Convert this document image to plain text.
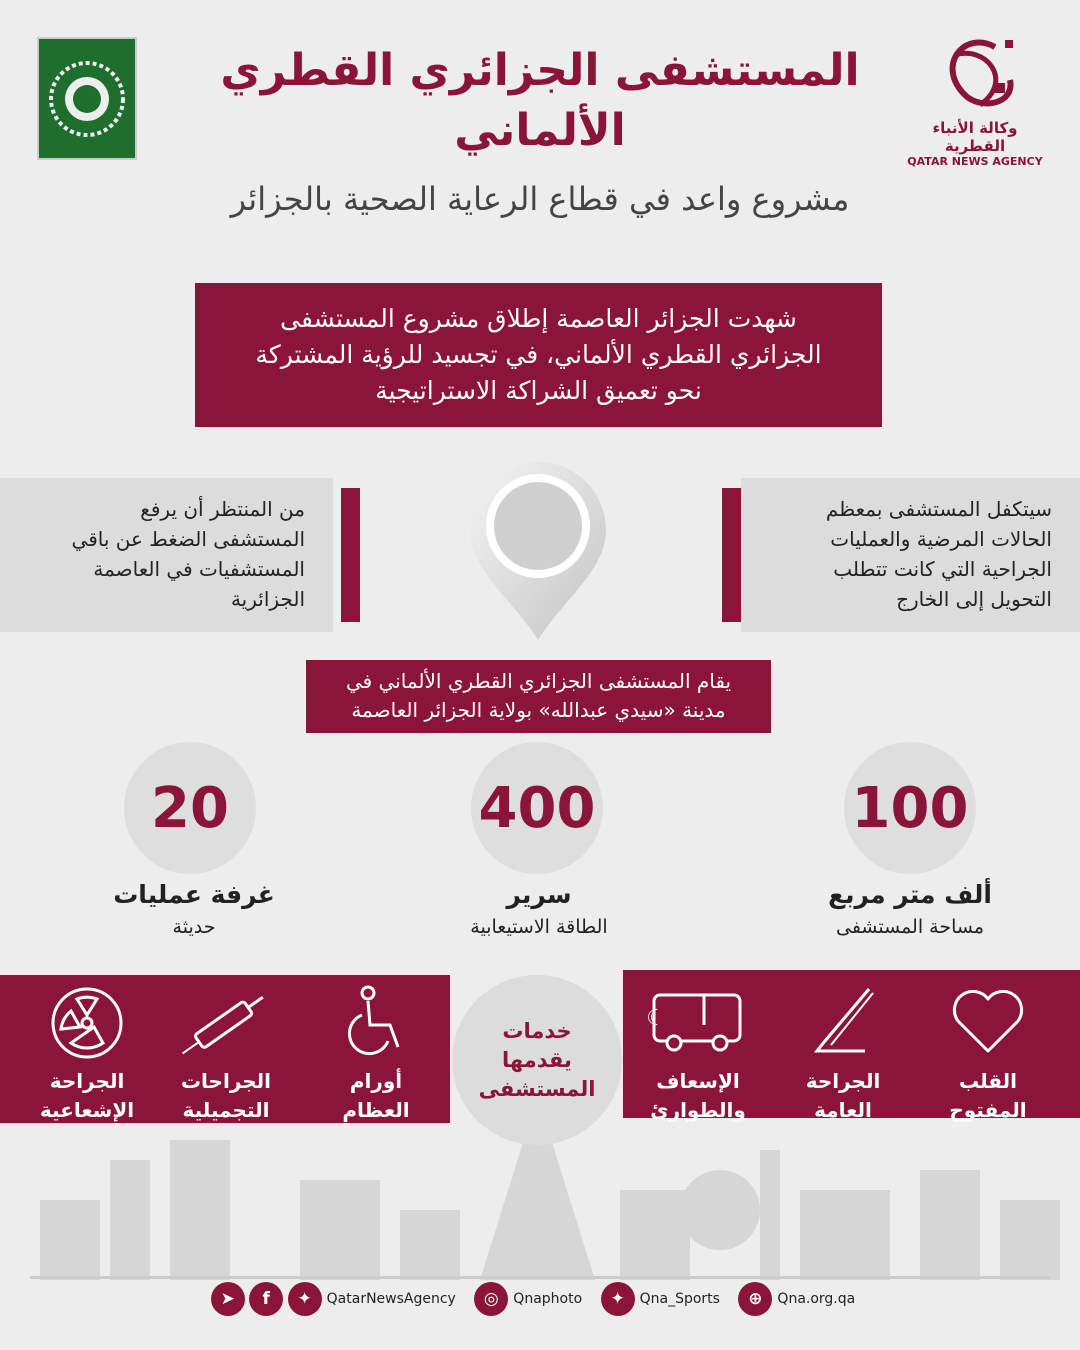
وكالة الأنباء القطرية
QATAR NEWS AGENCY
المستشفى الجزائري القطري
الألماني
مشروع واعد في قطاع الرعاية الصحية بالجزائر
شهدت الجزائر العاصمة إطلاق مشروع المستشفى
الجزائري القطري الألماني، في تجسيد للرؤية المشتركة
نحو تعميق الشراكة الاستراتيجية
من المنتظر أن يرفع
المستشفى الضغط عن باقي
المستشفيات في العاصمة
الجزائرية
سيتكفل المستشفى بمعظم
الحالات المرضية والعمليات
الجراحية التي كانت تتطلب
التحويل إلى الخارج
يقام المستشفى الجزائري القطري الألماني في
مدينة «سيدي عبدالله» بولاية الجزائر العاصمة
20
غرفة عمليات
حديثة
400
سرير
الطاقة الاستيعابية
100
ألف متر مربع
مساحة المستشفى
خدمات
يقدمها
المستشفى
الجراحة
الإشعاعية
الجراحات
التجميلية
أورام
العظام
☾
الإسعاف
والطوارئ
الجراحة
العامة
القلب
المفتوح
➤ f ✦ QatarNewsAgency ◎ Qnaphoto ✦ Qna_Sports ⊕ Qna.org.qa
